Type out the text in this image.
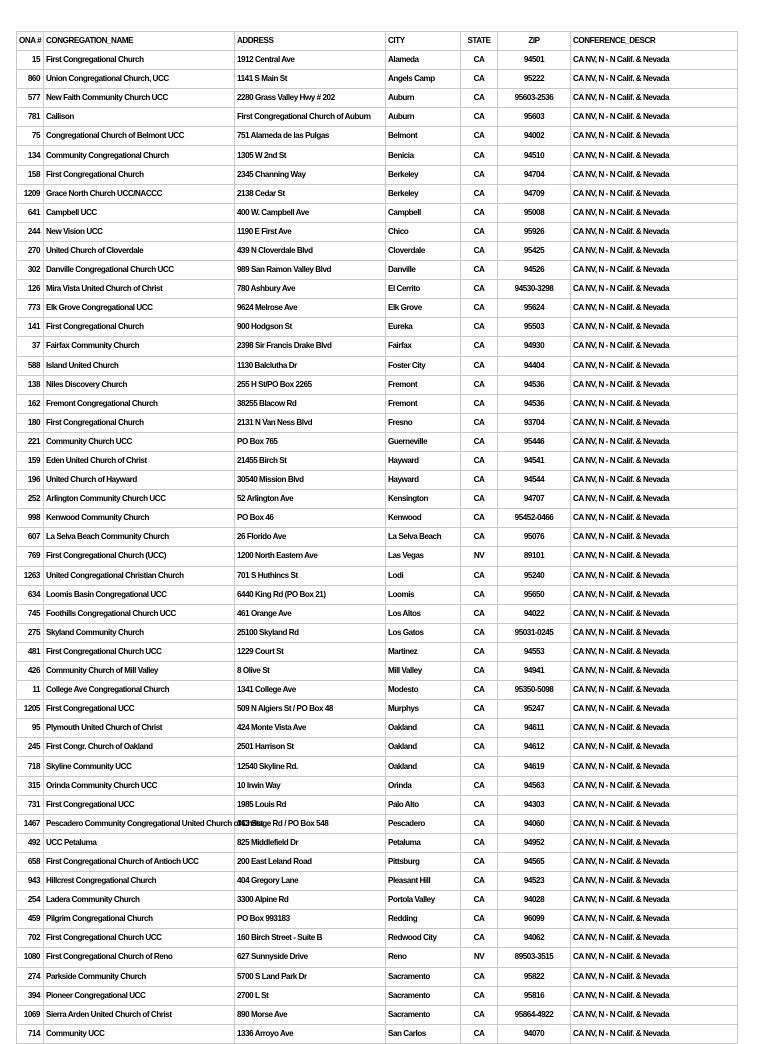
ONA #	CONGREGATION_NAME	ADDRESS	CITY	STATE	ZIP	CONFERENCE_DESCR
15	First Congregational Church	1912 Central Ave	Alameda	CA	94501	CA NV, N - N Calif. & Nevada
860	Union Congregational Church, UCC	1141 S Main St	Angels Camp	CA	95222	CA NV, N - N Calif. & Nevada
577	New Faith Community Church UCC	2280 Grass Valley Hwy # 202	Auburn	CA	95603-2536	CA NV, N - N Calif. & Nevada
781	Callison	First Congregational Church of Auburn	Auburn	CA	95603	CA NV, N - N Calif. & Nevada
75	Congregational Church of Belmont UCC	751 Alameda de las Pulgas	Belmont	CA	94002	CA NV, N - N Calif. & Nevada
134	Community Congregational Church	1305 W 2nd St	Benicia	CA	94510	CA NV, N - N Calif. & Nevada
158	First Congregational Church	2345 Channing Way	Berkeley	CA	94704	CA NV, N - N Calif. & Nevada
1209	Grace North Church UCC/NACCC	2138 Cedar St	Berkeley	CA	94709	CA NV, N - N Calif. & Nevada
641	Campbell UCC	400 W. Campbell Ave	Campbell	CA	95008	CA NV, N - N Calif. & Nevada
244	New Vision UCC	1190 E First Ave	Chico	CA	95926	CA NV, N - N Calif. & Nevada
270	United Church of Cloverdale	439 N Cloverdale Blvd	Cloverdale	CA	95425	CA NV, N - N Calif. & Nevada
302	Danville Congregational Church UCC	989 San Ramon Valley Blvd	Danville	CA	94526	CA NV, N - N Calif. & Nevada
126	Mira Vista United Church of Christ	780 Ashbury Ave	El Cerrito	CA	94530-3298	CA NV, N - N Calif. & Nevada
773	Elk Grove Congregational UCC	9624 Melrose Ave	Elk Grove	CA	95624	CA NV, N - N Calif. & Nevada
141	First Congregational Church	900 Hodgson St	Eureka	CA	95503	CA NV, N - N Calif. & Nevada
37	Fairfax Community Church	2398 Sir Francis Drake Blvd	Fairfax	CA	94930	CA NV, N - N Calif. & Nevada
588	Island United Church	1130 Balclutha Dr	Foster City	CA	94404	CA NV, N - N Calif. & Nevada
138	Niles Discovery Church	255 H St/PO Box 2265	Fremont	CA	94536	CA NV, N - N Calif. & Nevada
162	Fremont Congregational Church	38255 Blacow Rd	Fremont	CA	94536	CA NV, N - N Calif. & Nevada
180	First Congregational Church	2131 N Van Ness Blvd	Fresno	CA	93704	CA NV, N - N Calif. & Nevada
221	Community Church UCC	PO Box 765	Guerneville	CA	95446	CA NV, N - N Calif. & Nevada
159	Eden United Church of Christ	21455 Birch St	Hayward	CA	94541	CA NV, N - N Calif. & Nevada
196	United Church of Hayward	30540 Mission Blvd	Hayward	CA	94544	CA NV, N - N Calif. & Nevada
252	Arlington Community Church UCC	52 Arlington Ave	Kensington	CA	94707	CA NV, N - N Calif. & Nevada
998	Kenwood Community Church	PO Box 46	Kenwood	CA	95452-0466	CA NV, N - N Calif. & Nevada
607	La Selva Beach Community Church	26 Florido Ave	La Selva Beach	CA	95076	CA NV, N - N Calif. & Nevada
769	First Congregational Church (UCC)	1200 North Eastern Ave	Las Vegas	NV	89101	CA NV, N - N Calif. & Nevada
1263	United Congregational Christian Church	701 S Huthincs St	Lodi	CA	95240	CA NV, N - N Calif. & Nevada
634	Loomis Basin Congregational UCC	6440 King Rd (PO Box 21)	Loomis	CA	95650	CA NV, N - N Calif. & Nevada
745	Foothills Congregational Church UCC	461 Orange Ave	Los Altos	CA	94022	CA NV, N - N Calif. & Nevada
275	Skyland Community Church	25100 Skyland Rd	Los Gatos	CA	95031-0245	CA NV, N - N Calif. & Nevada
481	First Congregational Church UCC	1229 Court St	Martinez	CA	94553	CA NV, N - N Calif. & Nevada
426	Community Church of Mill Valley	8 Olive St	Mill Valley	CA	94941	CA NV, N - N Calif. & Nevada
11	College Ave Congregational Church	1341 College Ave	Modesto	CA	95350-5098	CA NV, N - N Calif. & Nevada
1205	First Congregational UCC	509 N Algiers St / PO Box 48	Murphys	CA	95247	CA NV, N - N Calif. & Nevada
95	Plymouth United Church of Christ	424 Monte Vista Ave	Oakland	CA	94611	CA NV, N - N Calif. & Nevada
245	First Congr. Church of Oakland	2501 Harrison St	Oakland	CA	94612	CA NV, N - N Calif. & Nevada
718	Skyline Community UCC	12540 Skyline Rd.	Oakland	CA	94619	CA NV, N - N Calif. & Nevada
315	Orinda Community Church UCC	10 Irwin Way	Orinda	CA	94563	CA NV, N - N Calif. & Nevada
731	First Congregational UCC	1985 Louis Rd	Palo Alto	CA	94303	CA NV, N - N Calif. & Nevada
1467	Pescadero Community Congregational United Church of Christ	363 Stage Rd / PO Box 548	Pescadero	CA	94060	CA NV, N - N Calif. & Nevada
492	UCC Petaluma	825 Middlefield Dr	Petaluma	CA	94952	CA NV, N - N Calif. & Nevada
658	First Congregational Church of Antioch UCC	200 East Leland Road	Pittsburg	CA	94565	CA NV, N - N Calif. & Nevada
943	Hillcrest Congregational Church	404 Gregory Lane	Pleasant Hill	CA	94523	CA NV, N - N Calif. & Nevada
254	Ladera Community Church	3300 Alpine Rd	Portola Valley	CA	94028	CA NV, N - N Calif. & Nevada
459	Pilgrim Congregational Church	PO Box 993183	Redding	CA	96099	CA NV, N - N Calif. & Nevada
702	First Congregational Church UCC	160 Birch Street - Suite B	Redwood City	CA	94062	CA NV, N - N Calif. & Nevada
1080	First Congregational Church of Reno	627 Sunnyside Drive	Reno	NV	89503-3515	CA NV, N - N Calif. & Nevada
274	Parkside Community Church	5700 S Land Park Dr	Sacramento	CA	95822	CA NV, N - N Calif. & Nevada
394	Pioneer Congregational UCC	2700 L St	Sacramento	CA	95816	CA NV, N - N Calif. & Nevada
1069	Sierra Arden United Church of Christ	890 Morse Ave	Sacramento	CA	95864-4922	CA NV, N - N Calif. & Nevada
714	Community UCC	1336 Arroyo Ave	San Carlos	CA	94070	CA NV, N - N Calif. & Nevada
